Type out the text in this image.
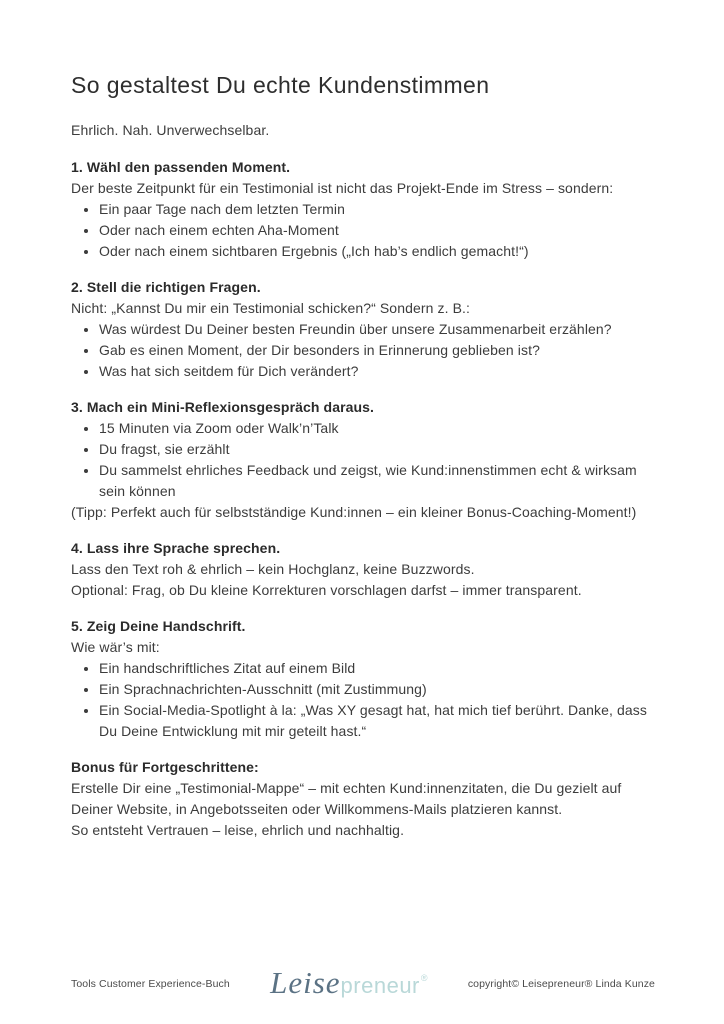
So gestaltest Du echte Kundenstimmen

Ehrlich. Nah. Unverwechselbar.

1. Wähl den passenden Moment.

Der beste Zeitpunkt für ein Testimonial ist nicht das Projekt-Ende im Stress – sondern:

• Ein paar Tage nach dem letzten Termin
• Oder nach einem echten Aha-Moment
• Oder nach einem sichtbaren Ergebnis („Ich hab’s endlich gemacht!“)
2. Stell die richtigen Fragen.

Nicht: „Kannst Du mir ein Testimonial schicken?“ Sondern z. B.:

• Was würdest Du Deiner besten Freundin über unsere Zusammenarbeit erzählen?
• Gab es einen Moment, der Dir besonders in Erinnerung geblieben ist?
• Was hat sich seitdem für Dich verändert?
3. Mach ein Mini-Reflexionsgespräch daraus.
• 15 Minuten via Zoom oder Walk’n’Talk
• Du fragst, sie erzählt
• Du sammelst ehrliches Feedback und zeigst, wie Kund:innenstimmen echt & wirksam sein können

(Tipp: Perfekt auch für selbstständige Kund:innen – ein kleiner Bonus-Coaching-Moment!)

4. Lass ihre Sprache sprechen.

Lass den Text roh & ehrlich – kein Hochglanz, keine Buzzwords.

Optional: Frag, ob Du kleine Korrekturen vorschlagen darfst – immer transparent.

5. Zeig Deine Handschrift.

Wie wär’s mit:

• Ein handschriftliches Zitat auf einem Bild
• Ein Sprachnachrichten-Ausschnitt (mit Zustimmung)
• Ein Social-Media-Spotlight à la: „Was XY gesagt hat, hat mich tief berührt. Danke, dass Du Deine Entwicklung mit mir geteilt hast.“
Bonus für Fortgeschrittene:

Erstelle Dir eine „Testimonial-Mappe“ – mit echten Kund:innenzitaten, die Du gezielt auf Deiner Website, in Angebotsseiten oder Willkommens-Mails platzieren kannst.

So entsteht Vertrauen – leise, ehrlich und nachhaltig.

Tools Customer Experience-Buch Leise preneur ®
copyright© Leisepreneur® Linda Kunze
